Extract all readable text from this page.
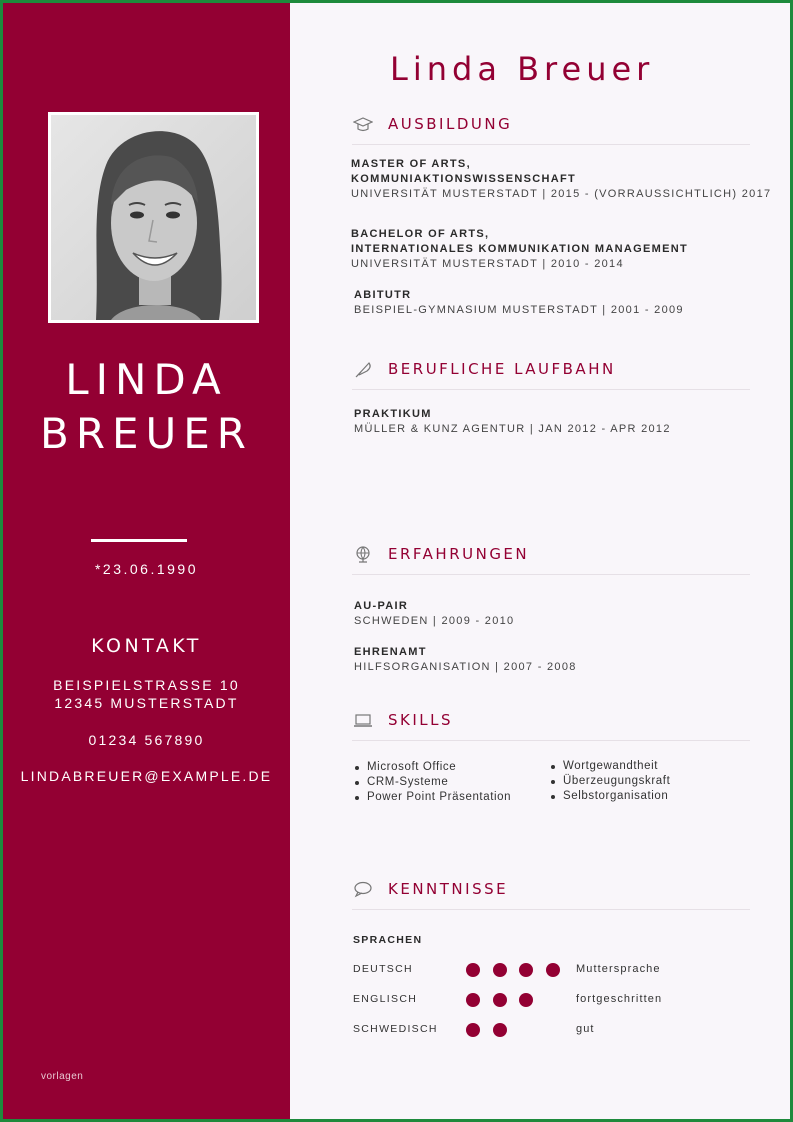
LINDA
BREUER
*23.06.1990
KONTAKT
BEISPIELSTRASSE 10
12345 MUSTERSTADT
01234 567890
LINDABREUER@EXAMPLE.DE
vorlagen
Linda Breuer
AUSBILDUNG
MASTER OF ARTS,
KOMMUNIAKTIONSWISSENSCHAFT
UNIVERSITÄT MUSTERSTADT | 2015 - (VORRAUSSICHTLICH) 2017
BACHELOR OF ARTS,
INTERNATIONALES KOMMUNIKATION MANAGEMENT
UNIVERSITÄT MUSTERSTADT | 2010 - 2014
ABITUTR
BEISPIEL-GYMNASIUM MUSTERSTADT | 2001 - 2009
BERUFLICHE LAUFBAHN
PRAKTIKUM
MÜLLER & KUNZ AGENTUR | JAN 2012 - APR 2012
ERFAHRUNGEN
AU-PAIR
SCHWEDEN | 2009 - 2010
EHRENAMT
HILFSORGANISATION | 2007 - 2008
SKILLS
Microsoft Office
CRM-Systeme
Power Point Präsentation
Wortgewandtheit
Überzeugungskraft
Selbstorganisation
KENNTNISSE
SPRACHEN
DEUTSCH	Muttersprache
ENGLISCH	fortgeschritten
SCHWEDISCH	gut
